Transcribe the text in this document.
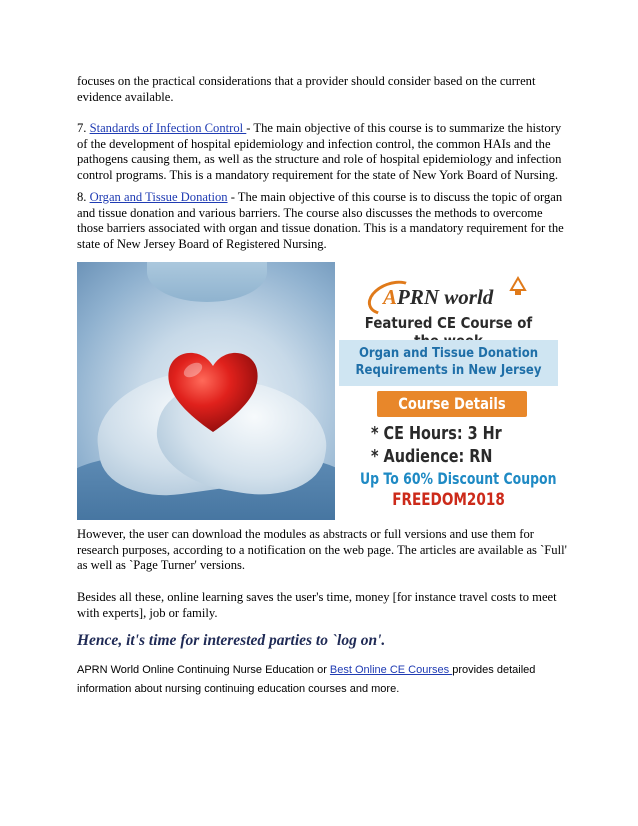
focuses on the practical considerations that a provider should consider based on the current evidence available.

7. Standards of Infection Control - The main objective of this course is to summarize the history of the development of hospital epidemiology and infection control, the common HAIs and the pathogens causing them, as well as the structure and role of hospital epidemiology and infection control programs. This is a mandatory requirement for the state of New York Board of Nursing.

8. Organ and Tissue Donation - The main objective of this course is to discuss the topic of organ and tissue donation and various barriers. The course also discusses the methods to overcome those barriers associated with organ and tissue donation. This is a mandatory requirement for the state of New Jersey Board of Registered Nursing.

However, the user can download the modules as abstracts or full versions and use them for research purposes, according to a notification on the web page. The articles are available as `Full' as well as `Page Turner' versions.

Besides all these, online learning saves the user's time, money [for instance travel costs to meet with experts], job or family.

Hence, it's time for interested parties to `log on'.

APRN World Online Continuing Nurse Education or Best Online CE Courses provides detailed information about nursing continuing education courses and more.

APRN world
Featured CE Course of
Organ and Tissue Donation
Requirements in New Jersey
Course Details
* CE Hours: 3 Hr
* Audience: RN
Up To 60% Discount Coupon
FREEDOM2018
